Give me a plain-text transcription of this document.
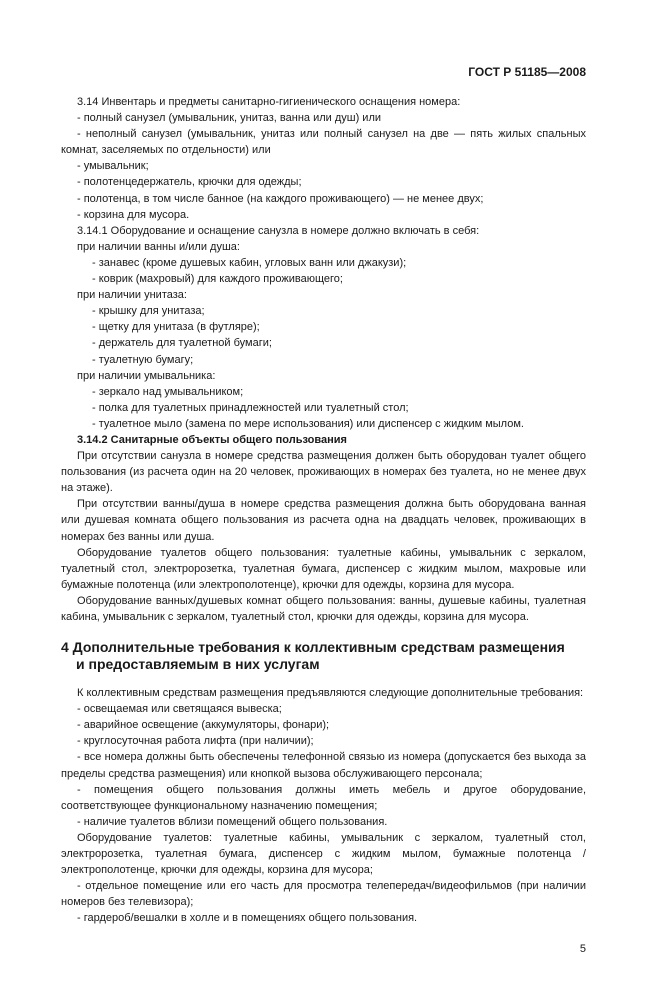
ГОСТ Р 51185—2008

3.14 Инвентарь и предметы санитарно-гигиенического оснащения номера:

- полный санузел (умывальник, унитаз, ванна или душ) или

- неполный санузел (умывальник, унитаз или полный санузел на две — пять жилых спальных комнат, заселяемых по отдельности) или

- умывальник;

- полотенцедержатель, крючки для одежды;

- полотенца, в том числе банное (на каждого проживающего) — не менее двух;

- корзина для мусора.

3.14.1 Оборудование и оснащение санузла в номере должно включать в себя:

при наличии ванны и/или душа:

- занавес (кроме душевых кабин, угловых ванн или джакузи);

- коврик (махровый) для каждого проживающего;

при наличии унитаза:

- крышку для унитаза;

- щетку для унитаза (в футляре);

- держатель для туалетной бумаги;

- туалетную бумагу;

при наличии умывальника:

- зеркало над умывальником;

- полка для туалетных принадлежностей или туалетный стол;

- туалетное мыло (замена по мере использования) или диспенсер с жидким мылом.

3.14.2 Санитарные объекты общего пользования

При отсутствии санузла в номере средства размещения должен быть оборудован туалет общего пользования (из расчета один на 20 человек, проживающих в номерах без туалета, но не менее двух на этаже).

При отсутствии ванны/душа в номере средства размещения должна быть оборудована ванная или душевая комната общего пользования из расчета одна на двадцать человек, проживающих в номерах без ванны или душа.

Оборудование туалетов общего пользования: туалетные кабины, умывальник с зеркалом, туалетный стол, электророзетка, туалетная бумага, диспенсер с жидким мылом, махровые или бумажные полотенца (или электрополотенце), крючки для одежды, корзина для мусора.

Оборудование ванных/душевых комнат общего пользования: ванны, душевые кабины, туалетная кабина, умывальник с зеркалом, туалетный стол, крючки для одежды, корзина для мусора.

4 Дополнительные требования к коллективным средствам размещения
и предоставляемым в них услугам

К коллективным средствам размещения предъявляются следующие дополнительные требования:

- освещаемая или светящаяся вывеска;

- аварийное освещение (аккумуляторы, фонари);

- круглосуточная работа лифта (при наличии);

- все номера должны быть обеспечены телефонной связью из номера (допускается без выхода за пределы средства размещения) или кнопкой вызова обслуживающего персонала;

- помещения общего пользования должны иметь мебель и другое оборудование, соответствующее функциональному назначению помещения;

- наличие туалетов вблизи помещений общего пользования.

Оборудование туалетов: туалетные кабины, умывальник с зеркалом, туалетный стол, электророзетка, туалетная бумага, диспенсер с жидким мылом, бумажные полотенца / электрополотенце, крючки для одежды, корзина для мусора;

- отдельное помещение или его часть для просмотра телепередач/видеофильмов (при наличии номеров без телевизора);

- гардероб/вешалки в холле и в помещениях общего пользования.

5
